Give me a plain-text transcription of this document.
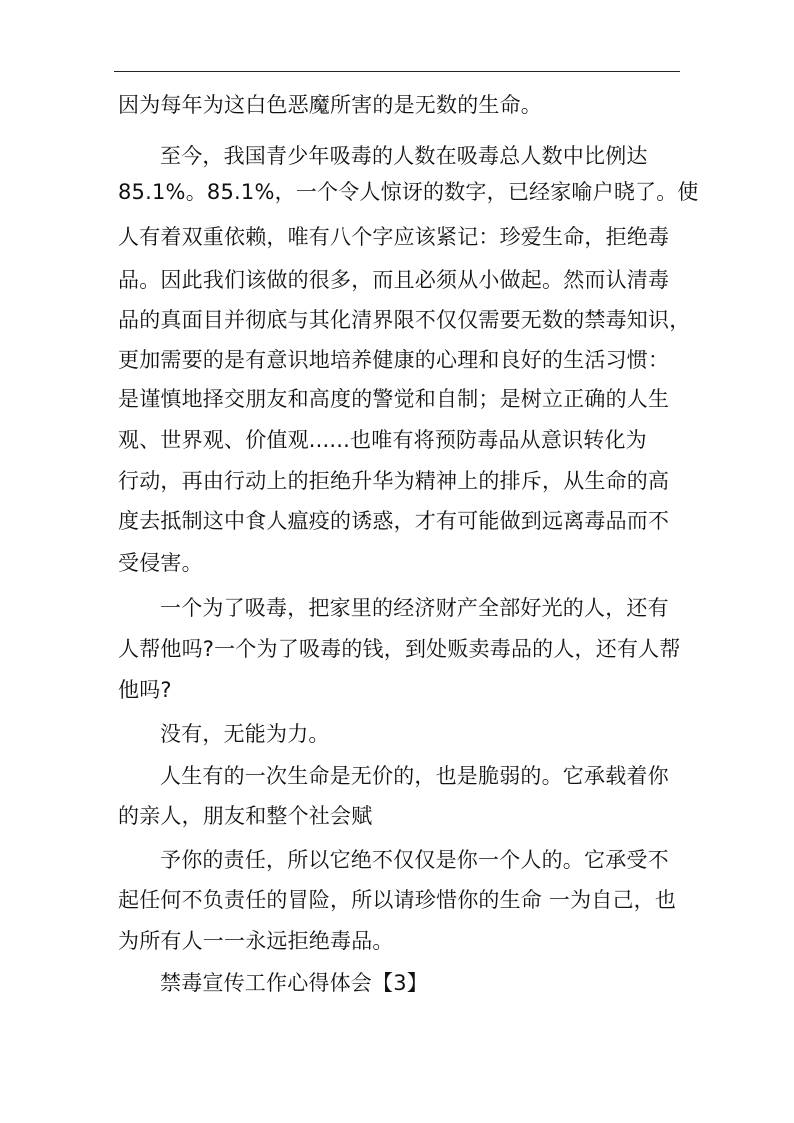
因为每年为这白色恶魔所害的是无数的生命。
至今，我国青少年吸毒的人数在吸毒总人数中比例达
85.1%。85.1%，一个令人惊讶的数字，已经家喻户晓了。使
人有着双重依赖，唯有八个字应该紧记：珍爱生命，拒绝毒
品。因此我们该做的很多，而且必须从小做起。然而认清毒
品的真面目并彻底与其化清界限不仅仅需要无数的禁毒知识，
更加需要的是有意识地培养健康的心理和良好的生活习惯：
是谨慎地择交朋友和高度的警觉和自制；是树立正确的人生
观、世界观、价值观......也唯有将预防毒品从意识转化为
行动，再由行动上的拒绝升华为精神上的排斥，从生命的高
度去抵制这中食人瘟疫的诱惑，才有可能做到远离毒品而不
受侵害。
一个为了吸毒，把家里的经济财产全部好光的人，还有
人帮他吗?一个为了吸毒的钱，到处贩卖毒品的人，还有人帮
他吗?
没有，无能为力。
人生有的一次生命是无价的，也是脆弱的。它承载着你
的亲人，朋友和整个社会赋
予你的责任，所以它绝不仅仅是你一个人的。它承受不
起任何不负责任的冒险，所以请珍惜你的生命 一为自己，也
为所有人一一永远拒绝毒品。
禁毒宣传工作心得体会【3】
